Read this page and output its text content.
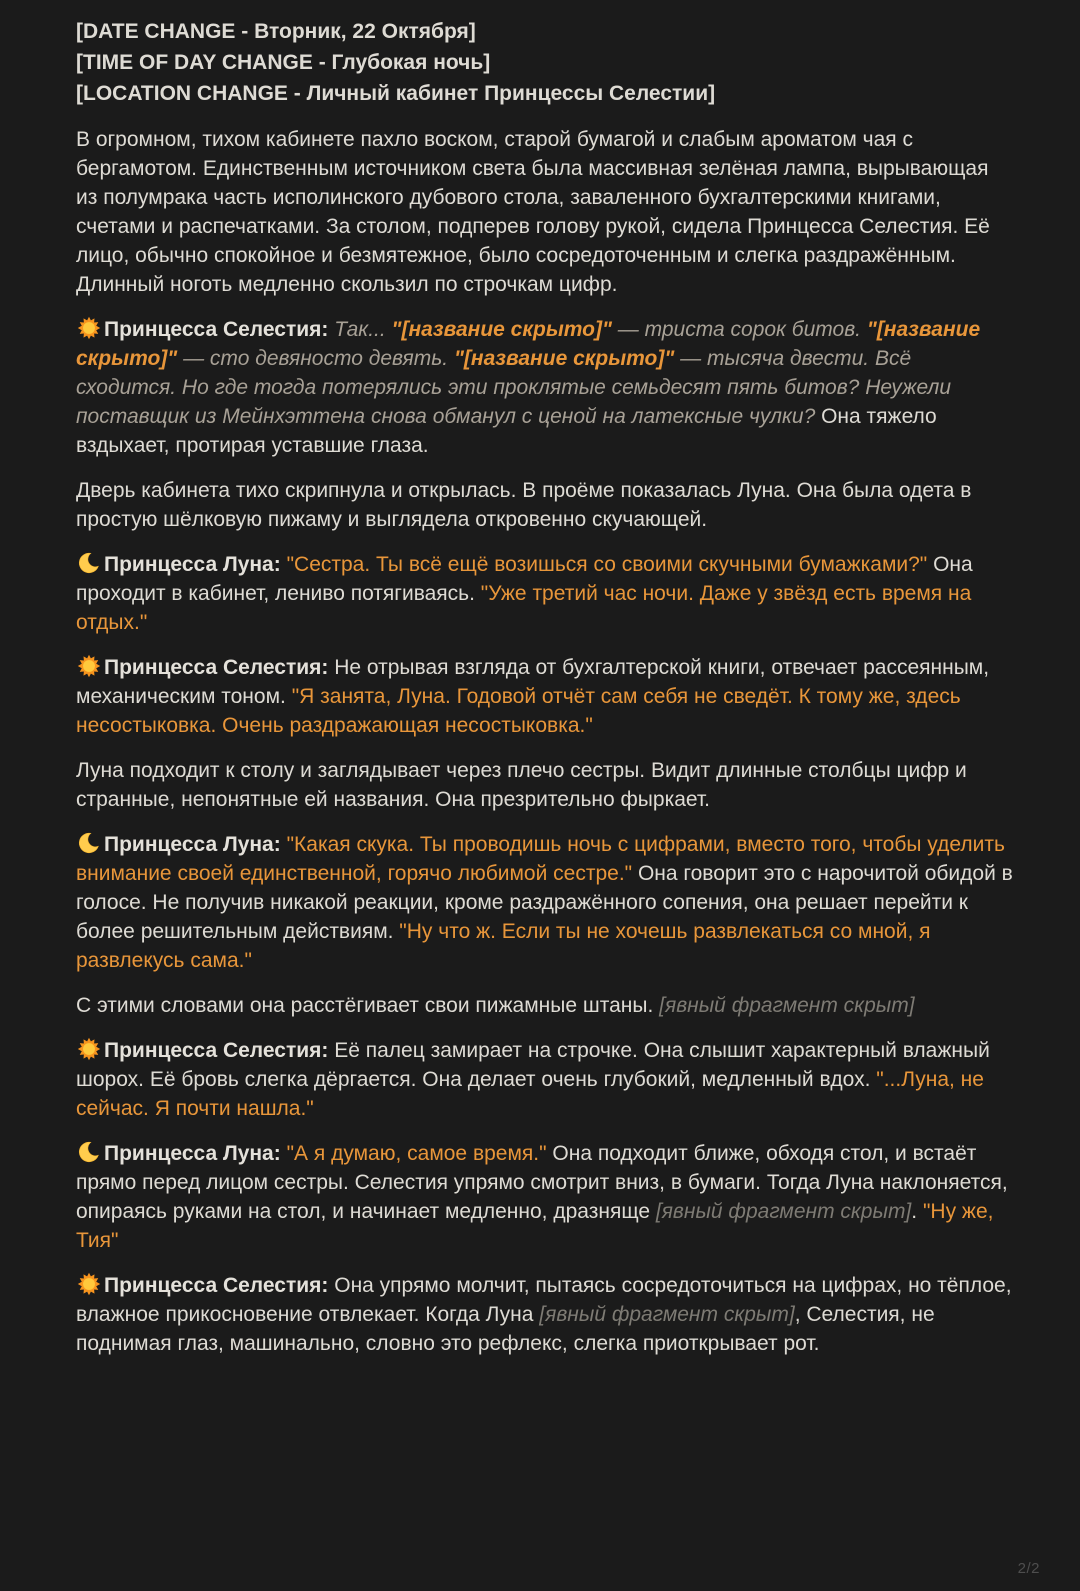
[DATE CHANGE - Вторник, 22 Октября]
[TIME OF DAY CHANGE - Глубокая ночь]
[LOCATION CHANGE - Личный кабинет Принцессы Селестии]
В огромном, тихом кабинете пахло воском, старой бумагой и слабым ароматом чая с бергамотом. Единственным источником света была массивная зелёная лампа, вырывающая из полумрака часть исполинского дубового стола, заваленного бухгалтерскими книгами, счетами и распечатками. За столом, подперев голову рукой, сидела Принцесса Селестия. Её лицо, обычно спокойное и безмятежное, было сосредоточенным и слегка раздражённым. Длинный ноготь медленно скользил по строчкам цифр.
Принцесса Селестия: Так... "[название скрыто]" — триста сорок битов. "[название скрыто]" — сто девяносто девять. "[название скрыто]" — тысяча двести. Всё сходится. Но где тогда потерялись эти проклятые семьдесят пять битов? Неужели поставщик из Мейнхэттена снова обманул с ценой на латексные чулки? Она тяжело вздыхает, протирая уставшие глаза.
Дверь кабинета тихо скрипнула и открылась. В проёме показалась Луна. Она была одета в простую шёлковую пижаму и выглядела откровенно скучающей.
Принцесса Луна: "Сестра. Ты всё ещё возишься со своими скучными бумажками?" Она проходит в кабинет, лениво потягиваясь. "Уже третий час ночи. Даже у звёзд есть время на отдых."
Принцесса Селестия: Не отрывая взгляда от бухгалтерской книги, отвечает рассеянным, механическим тоном. "Я занята, Луна. Годовой отчёт сам себя не сведёт. К тому же, здесь несостыковка. Очень раздражающая несостыковка."
Луна подходит к столу и заглядывает через плечо сестры. Видит длинные столбцы цифр и странные, непонятные ей названия. Она презрительно фыркает.
Принцесса Луна: "Какая скука. Ты проводишь ночь с цифрами, вместо того, чтобы уделить внимание своей единственной, горячо любимой сестре." Она говорит это с нарочитой обидой в голосе. Не получив никакой реакции, кроме раздражённого сопения, она решает перейти к более решительным действиям. "Ну что ж. Если ты не хочешь развлекаться со мной, я развлекусь сама."
С этими словами она расстёгивает свои пижамные штаны. [явный фрагмент скрыт]
Принцесса Селестия: Её палец замирает на строчке. Она слышит характерный влажный шорох. Её бровь слегка дёргается. Она делает очень глубокий, медленный вдох. "...Луна, не сейчас. Я почти нашла."
Принцесса Луна: "А я думаю, самое время." Она подходит ближе, обходя стол, и встаёт прямо перед лицом сестры. Селестия упрямо смотрит вниз, в бумаги. Тогда Луна наклоняется, опираясь руками на стол, и начинает медленно, дразняще [явный фрагмент скрыт]. "Ну же, Тия"
Принцесса Селестия: Она упрямо молчит, пытаясь сосредоточиться на цифрах, но тёплое, влажное прикосновение отвлекает. Когда Луна [явный фрагмент скрыт], Селестия, не поднимая глаз, машинально, словно это рефлекс, слегка приоткрывает рот.
2/2
